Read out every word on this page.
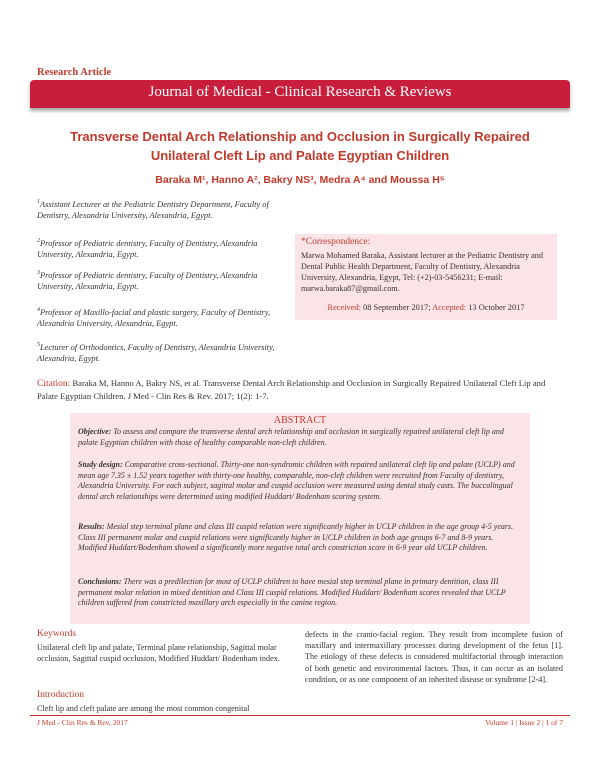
Research Article
Journal of Medical - Clinical Research & Reviews
Transverse Dental Arch Relationship and Occlusion in Surgically Repaired Unilateral Cleft Lip and Palate Egyptian Children
Baraka M¹, Hanno A², Bakry NS³, Medra A⁴ and Moussa H⁵
$^1$Assistant Lecturer at the Pediatric Dentistry Department, Faculty of Dentistry, Alexandria University, Alexandria, Egypt.
$^2$Professor of Pediatric dentistry, Faculty of Dentistry, Alexandria University, Alexandria, Egypt.
$^3$Professor of Pediatric dentistry, Faculty of Dentistry, Alexandria University, Alexandria, Egypt.
$^4$Professor of Maxillo-facial and plastic surgery, Faculty of Dentistry, Alexandria University, Alexandria, Egypt.
$^5$Lecturer of Orthodontics, Faculty of Dentistry, Alexandria University, Alexandria, Egypt.
*Correspondence:
Marwa Mohamed Baraka, Assistant lecturer at the Pediatric Dentistry and Dental Public Health Department, Faculty of Dentistry, Alexandria University, Alexandria, Egypt, Tel: (+2)-03-5456231; E-mail: marwa.baraka87@gmail.com.
Received: 08 September 2017; Accepted: 13 October 2017
Citation: Baraka M, Hanno A, Bakry NS, et al. Transverse Dental Arch Relationship and Occlusion in Surgically Repaired Unilateral Cleft Lip and Palate Egyptian Children. J Med - Clin Res & Rev. 2017; 1(2): 1-7.
ABSTRACT
Objective: To assess and compare the transverse dental arch relationship and occlusion in surgically repaired unilateral cleft lip and palate Egyptian children with those of healthy comparable non-cleft children.
Study design: Comparative cross-sectional. Thirty-one non-syndromic children with repaired unilateral cleft lip and palate (UCLP) and mean age 7.35 ± 1.52 years together with thirty-one healthy, comparable, non-cleft children were recruited from Faculty of dentistry, Alexandria University. For each subject, sagittal molar and cuspid occlusion were measured using dental study casts. The buccolingual dental arch relationships were determined using modified Huddart/ Bodenham scoring system.
Results: Mesial step terminal plane and class III cuspid relation were significantly higher in UCLP children in the age group 4-5 years. Class III permanent molar and cuspid relations were significantly higher in UCLP children in both age groups 6-7 and 8-9 years. Modified Huddart/Bodenham showed a significantly more negative total arch constriction score in 6-9 year old UCLP children.
Conclusions: There was a predilection for most of UCLP children to have mesial step terminal plane in primary dentition, class III permanent molar relation in mixed dentition and Class III cuspid relations. Modified Huddart/ Bodenham scores revealed that UCLP children suffered from constricted maxillary arch especially in the canine region.
Keywords
Unilateral cleft lip and palate, Terminal plane relationship, Sagittal molar occlusion, Sagittal cuspid occlusion, Modified Huddart/ Bodenham index.
Introduction
Cleft lip and cleft palate are among the most common congenital
defects in the cranio-facial region. They result from incomplete fusion of maxillary and intermaxillary processes during development of the fetus [1]. The etiology of these defects is considered multifactorial through interaction of both genetic and environmental factors. Thus, it can occur as an isolated condition, or as one component of an inherited disease or syndrome [2-4].
J Med - Clin Res & Rev, 2017	Volume 1 | Issue 2 | 1 of 7
